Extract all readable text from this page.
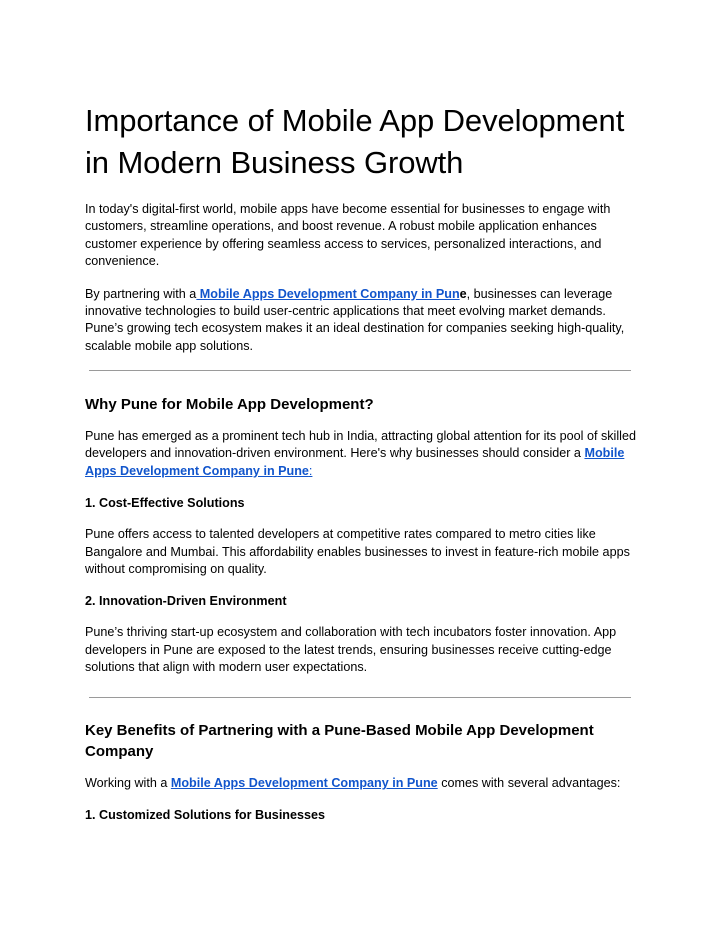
Importance of Mobile App Development in Modern Business Growth

In today's digital-first world, mobile apps have become essential for businesses to engage with customers, streamline operations, and boost revenue. A robust mobile application enhances customer experience by offering seamless access to services, personalized interactions, and convenience.

By partnering with a Mobile Apps Development Company in Pune, businesses can leverage innovative technologies to build user-centric applications that meet evolving market demands. Pune’s growing tech ecosystem makes it an ideal destination for companies seeking high-quality, scalable mobile app solutions.

Why Pune for Mobile App Development?

Pune has emerged as a prominent tech hub in India, attracting global attention for its pool of skilled developers and innovation-driven environment. Here's why businesses should consider a Mobile Apps Development Company in Pune:

1. Cost-Effective Solutions

Pune offers access to talented developers at competitive rates compared to metro cities like Bangalore and Mumbai. This affordability enables businesses to invest in feature-rich mobile apps without compromising on quality.

2. Innovation-Driven Environment

Pune’s thriving start-up ecosystem and collaboration with tech incubators foster innovation. App developers in Pune are exposed to the latest trends, ensuring businesses receive cutting-edge solutions that align with modern user expectations.

Key Benefits of Partnering with a Pune-Based Mobile App Development Company

Working with a Mobile Apps Development Company in Pune comes with several advantages:

1. Customized Solutions for Businesses
